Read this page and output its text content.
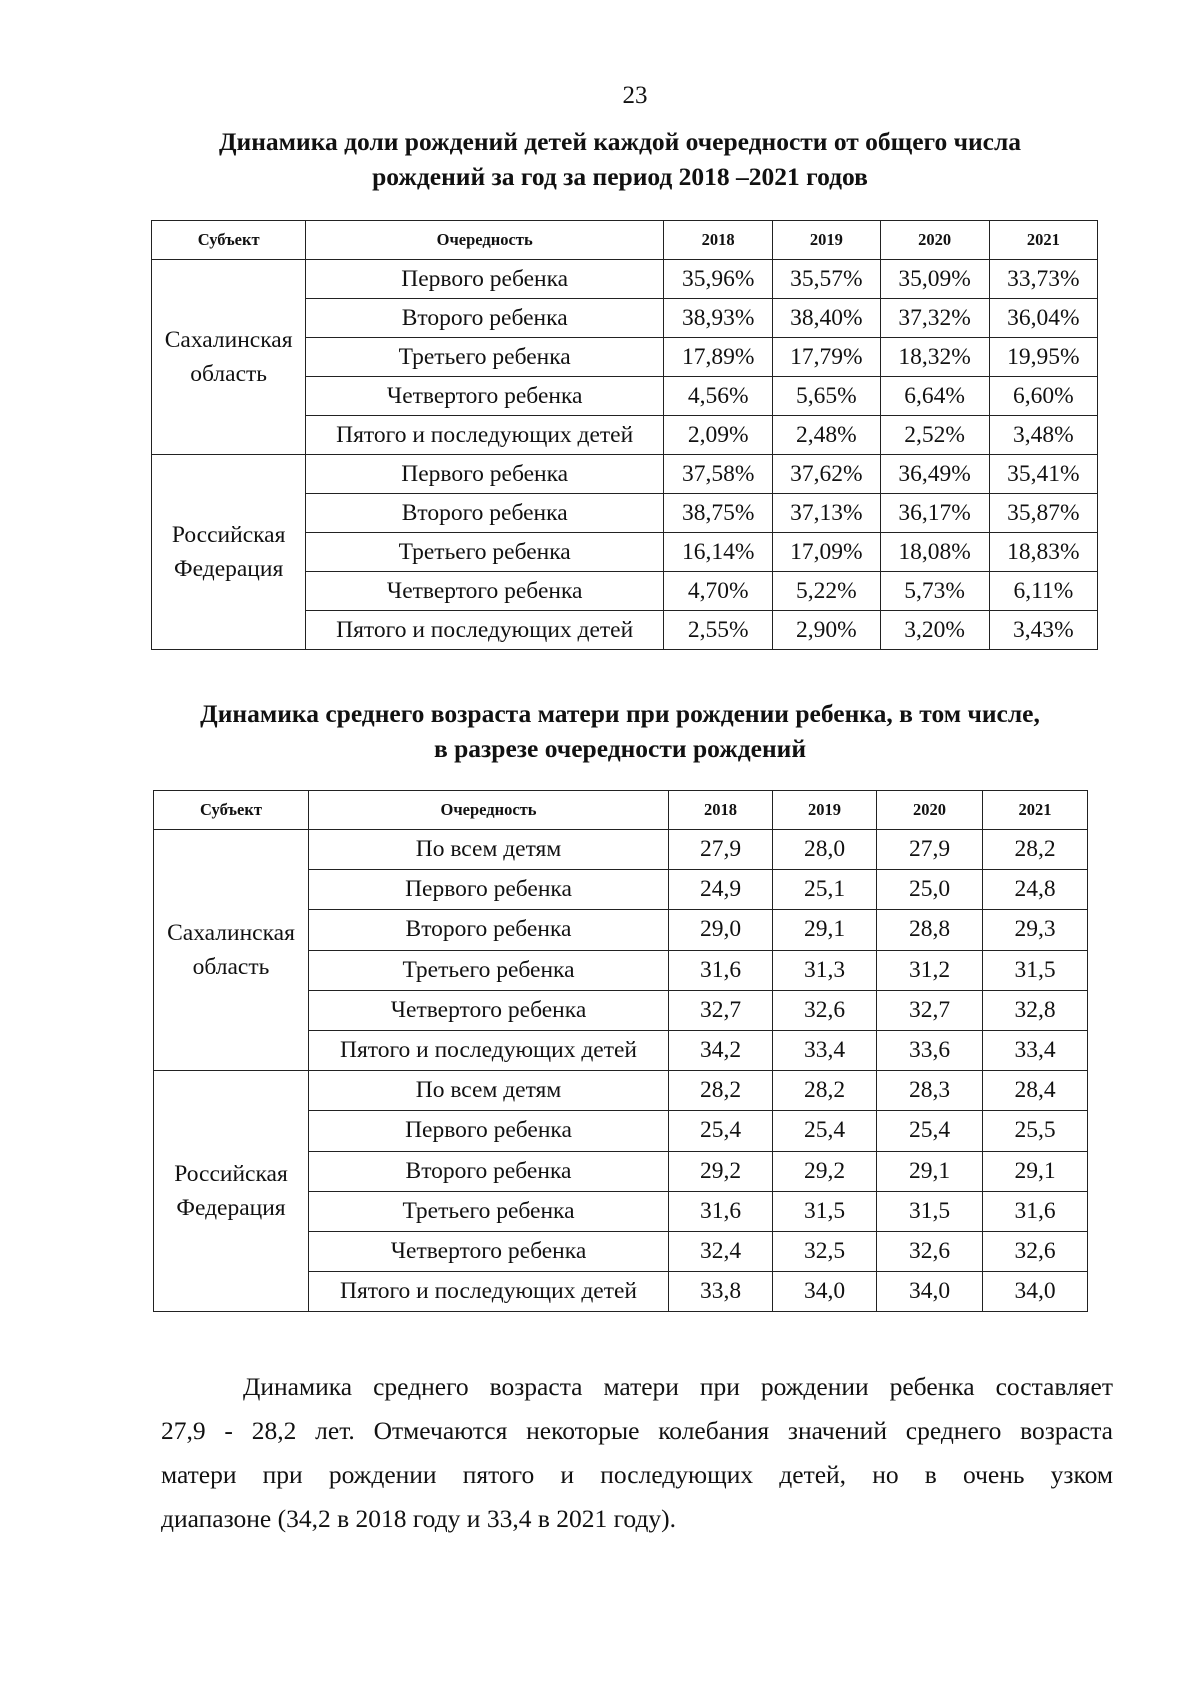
23
Динамика доли рождений детей каждой очередности от общего числа
рождений за год за период 2018 –2021 годов
Субъект	Очередность	2018	2019	2020	2021

Сахалинская
область	Первого ребенка	35,96%	35,57%	35,09%	33,73%
	Второго ребенка	38,93%	38,40%	37,32%	36,04%
	Третьего ребенка	17,89%	17,79%	18,32%	19,95%
	Четвертого ребенка	4,56%	5,65%	6,64%	6,60%
	Пятого и последующих детей	2,09%	2,48%	2,52%	3,48%

Российская
Федерация	Первого ребенка	37,58%	37,62%	36,49%	35,41%
	Второго ребенка	38,75%	37,13%	36,17%	35,87%
	Третьего ребенка	16,14%	17,09%	18,08%	18,83%
	Четвертого ребенка	4,70%	5,22%	5,73%	6,11%
	Пятого и последующих детей	2,55%	2,90%	3,20%	3,43%
Динамика среднего возраста матери при рождении ребенка, в том числе,
в разрезе очередности рождений
Субъект	Очередность	2018	2019	2020	2021

Сахалинская
область	По всем детям	27,9	28,0	27,9	28,2
	Первого ребенка	24,9	25,1	25,0	24,8
	Второго ребенка	29,0	29,1	28,8	29,3
	Третьего ребенка	31,6	31,3	31,2	31,5
	Четвертого ребенка	32,7	32,6	32,7	32,8
	Пятого и последующих детей	34,2	33,4	33,6	33,4

Российская
Федерация	По всем детям	28,2	28,2	28,3	28,4
	Первого ребенка	25,4	25,4	25,4	25,5
	Второго ребенка	29,2	29,2	29,1	29,1
	Третьего ребенка	31,6	31,5	31,5	31,6
	Четвертого ребенка	32,4	32,5	32,6	32,6
	Пятого и последующих детей	33,8	34,0	34,0	34,0
Динамика среднего возраста матери при рождении ребенка составляет
27,9 - 28,2 лет. Отмечаются некоторые колебания значений среднего возраста
матери при рождении пятого и последующих детей, но в очень узком
диапазоне (34,2 в 2018 году и 33,4 в 2021 году).
